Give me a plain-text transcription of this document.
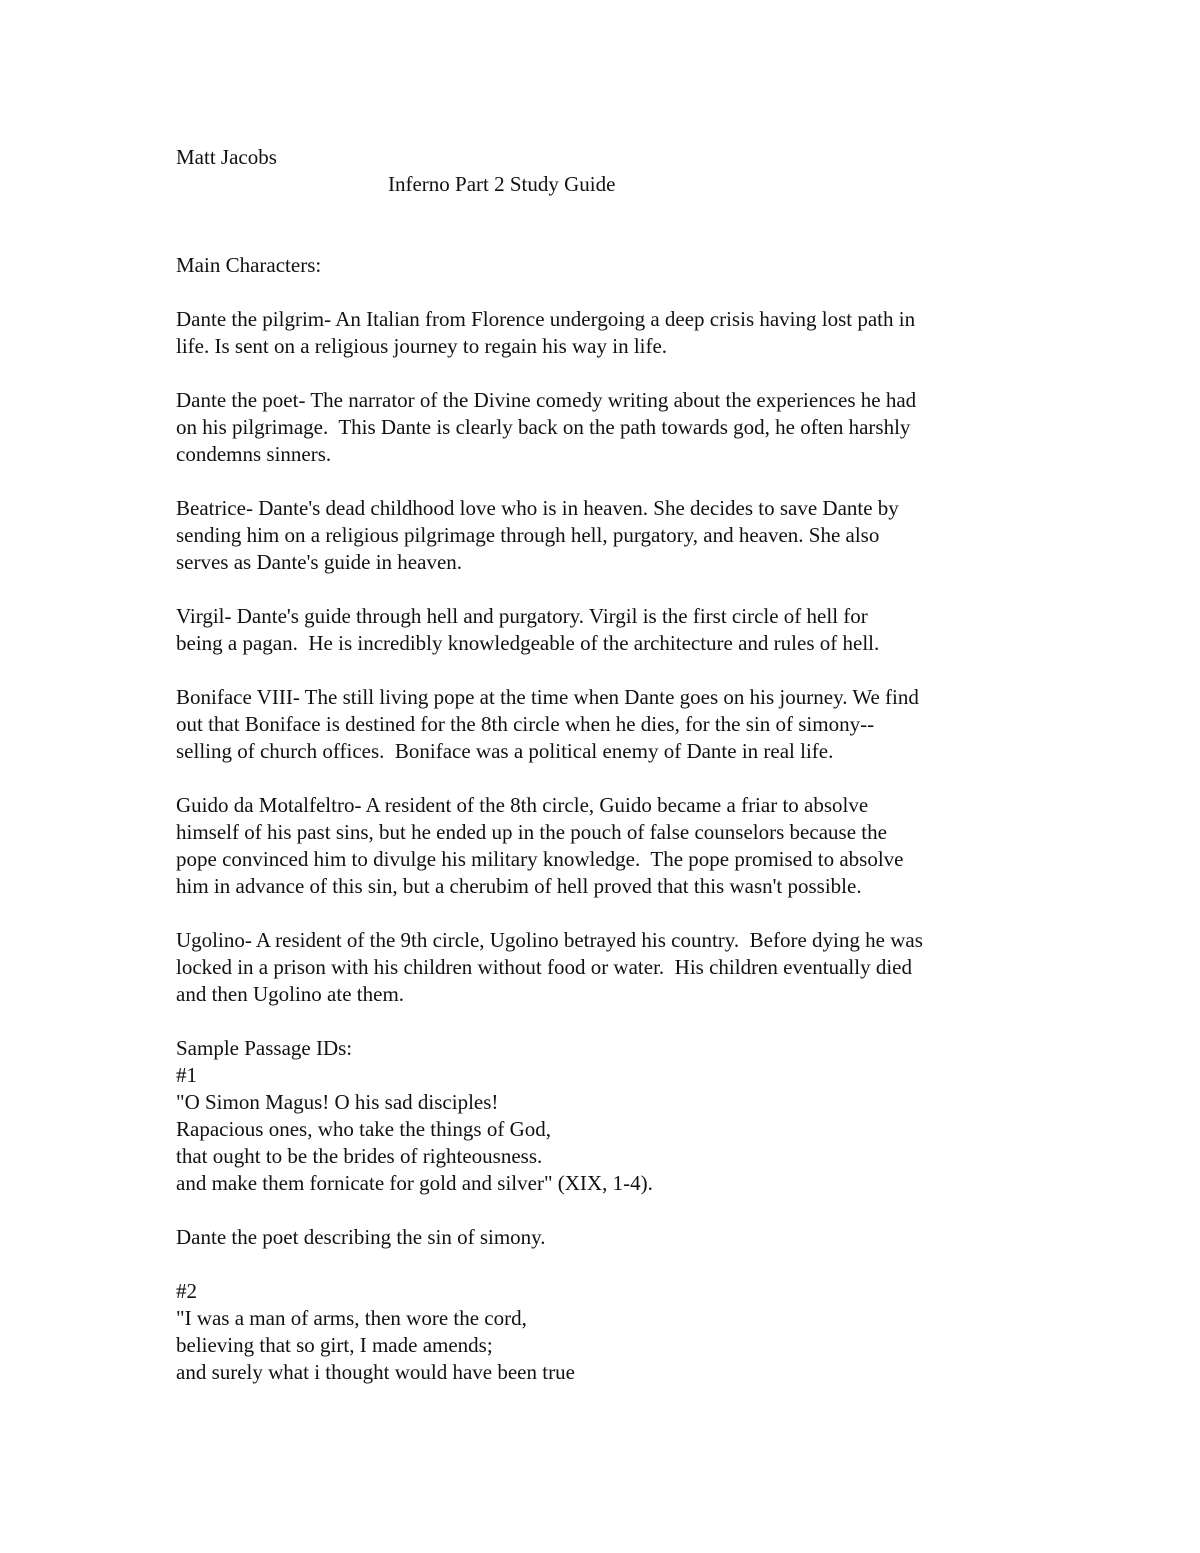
Matt Jacobs
Inferno Part 2 Study Guide
Main Characters:
Dante the pilgrim- An Italian from Florence undergoing a deep crisis having lost path in
life. Is sent on a religious journey to regain his way in life.
Dante the poet- The narrator of the Divine comedy writing about the experiences he had
on his pilgrimage.  This Dante is clearly back on the path towards god, he often harshly
condemns sinners.
Beatrice- Dante's dead childhood love who is in heaven. She decides to save Dante by
sending him on a religious pilgrimage through hell, purgatory, and heaven. She also
serves as Dante's guide in heaven.
Virgil- Dante's guide through hell and purgatory. Virgil is the first circle of hell for
being a pagan.  He is incredibly knowledgeable of the architecture and rules of hell.
Boniface VIII- The still living pope at the time when Dante goes on his journey. We find
out that Boniface is destined for the 8th circle when he dies, for the sin of simony--
selling of church offices.  Boniface was a political enemy of Dante in real life.
Guido da Motalfeltro- A resident of the 8th circle, Guido became a friar to absolve
himself of his past sins, but he ended up in the pouch of false counselors because the
pope convinced him to divulge his military knowledge.  The pope promised to absolve
him in advance of this sin, but a cherubim of hell proved that this wasn't possible.
Ugolino- A resident of the 9th circle, Ugolino betrayed his country.  Before dying he was
locked in a prison with his children without food or water.  His children eventually died
and then Ugolino ate them.
Sample Passage IDs:
#1
"O Simon Magus! O his sad disciples!
Rapacious ones, who take the things of God,
that ought to be the brides of righteousness.
and make them fornicate for gold and silver" (XIX, 1-4).
Dante the poet describing the sin of simony.
#2
"I was a man of arms, then wore the cord,
believing that so girt, I made amends;
and surely what i thought would have been true
